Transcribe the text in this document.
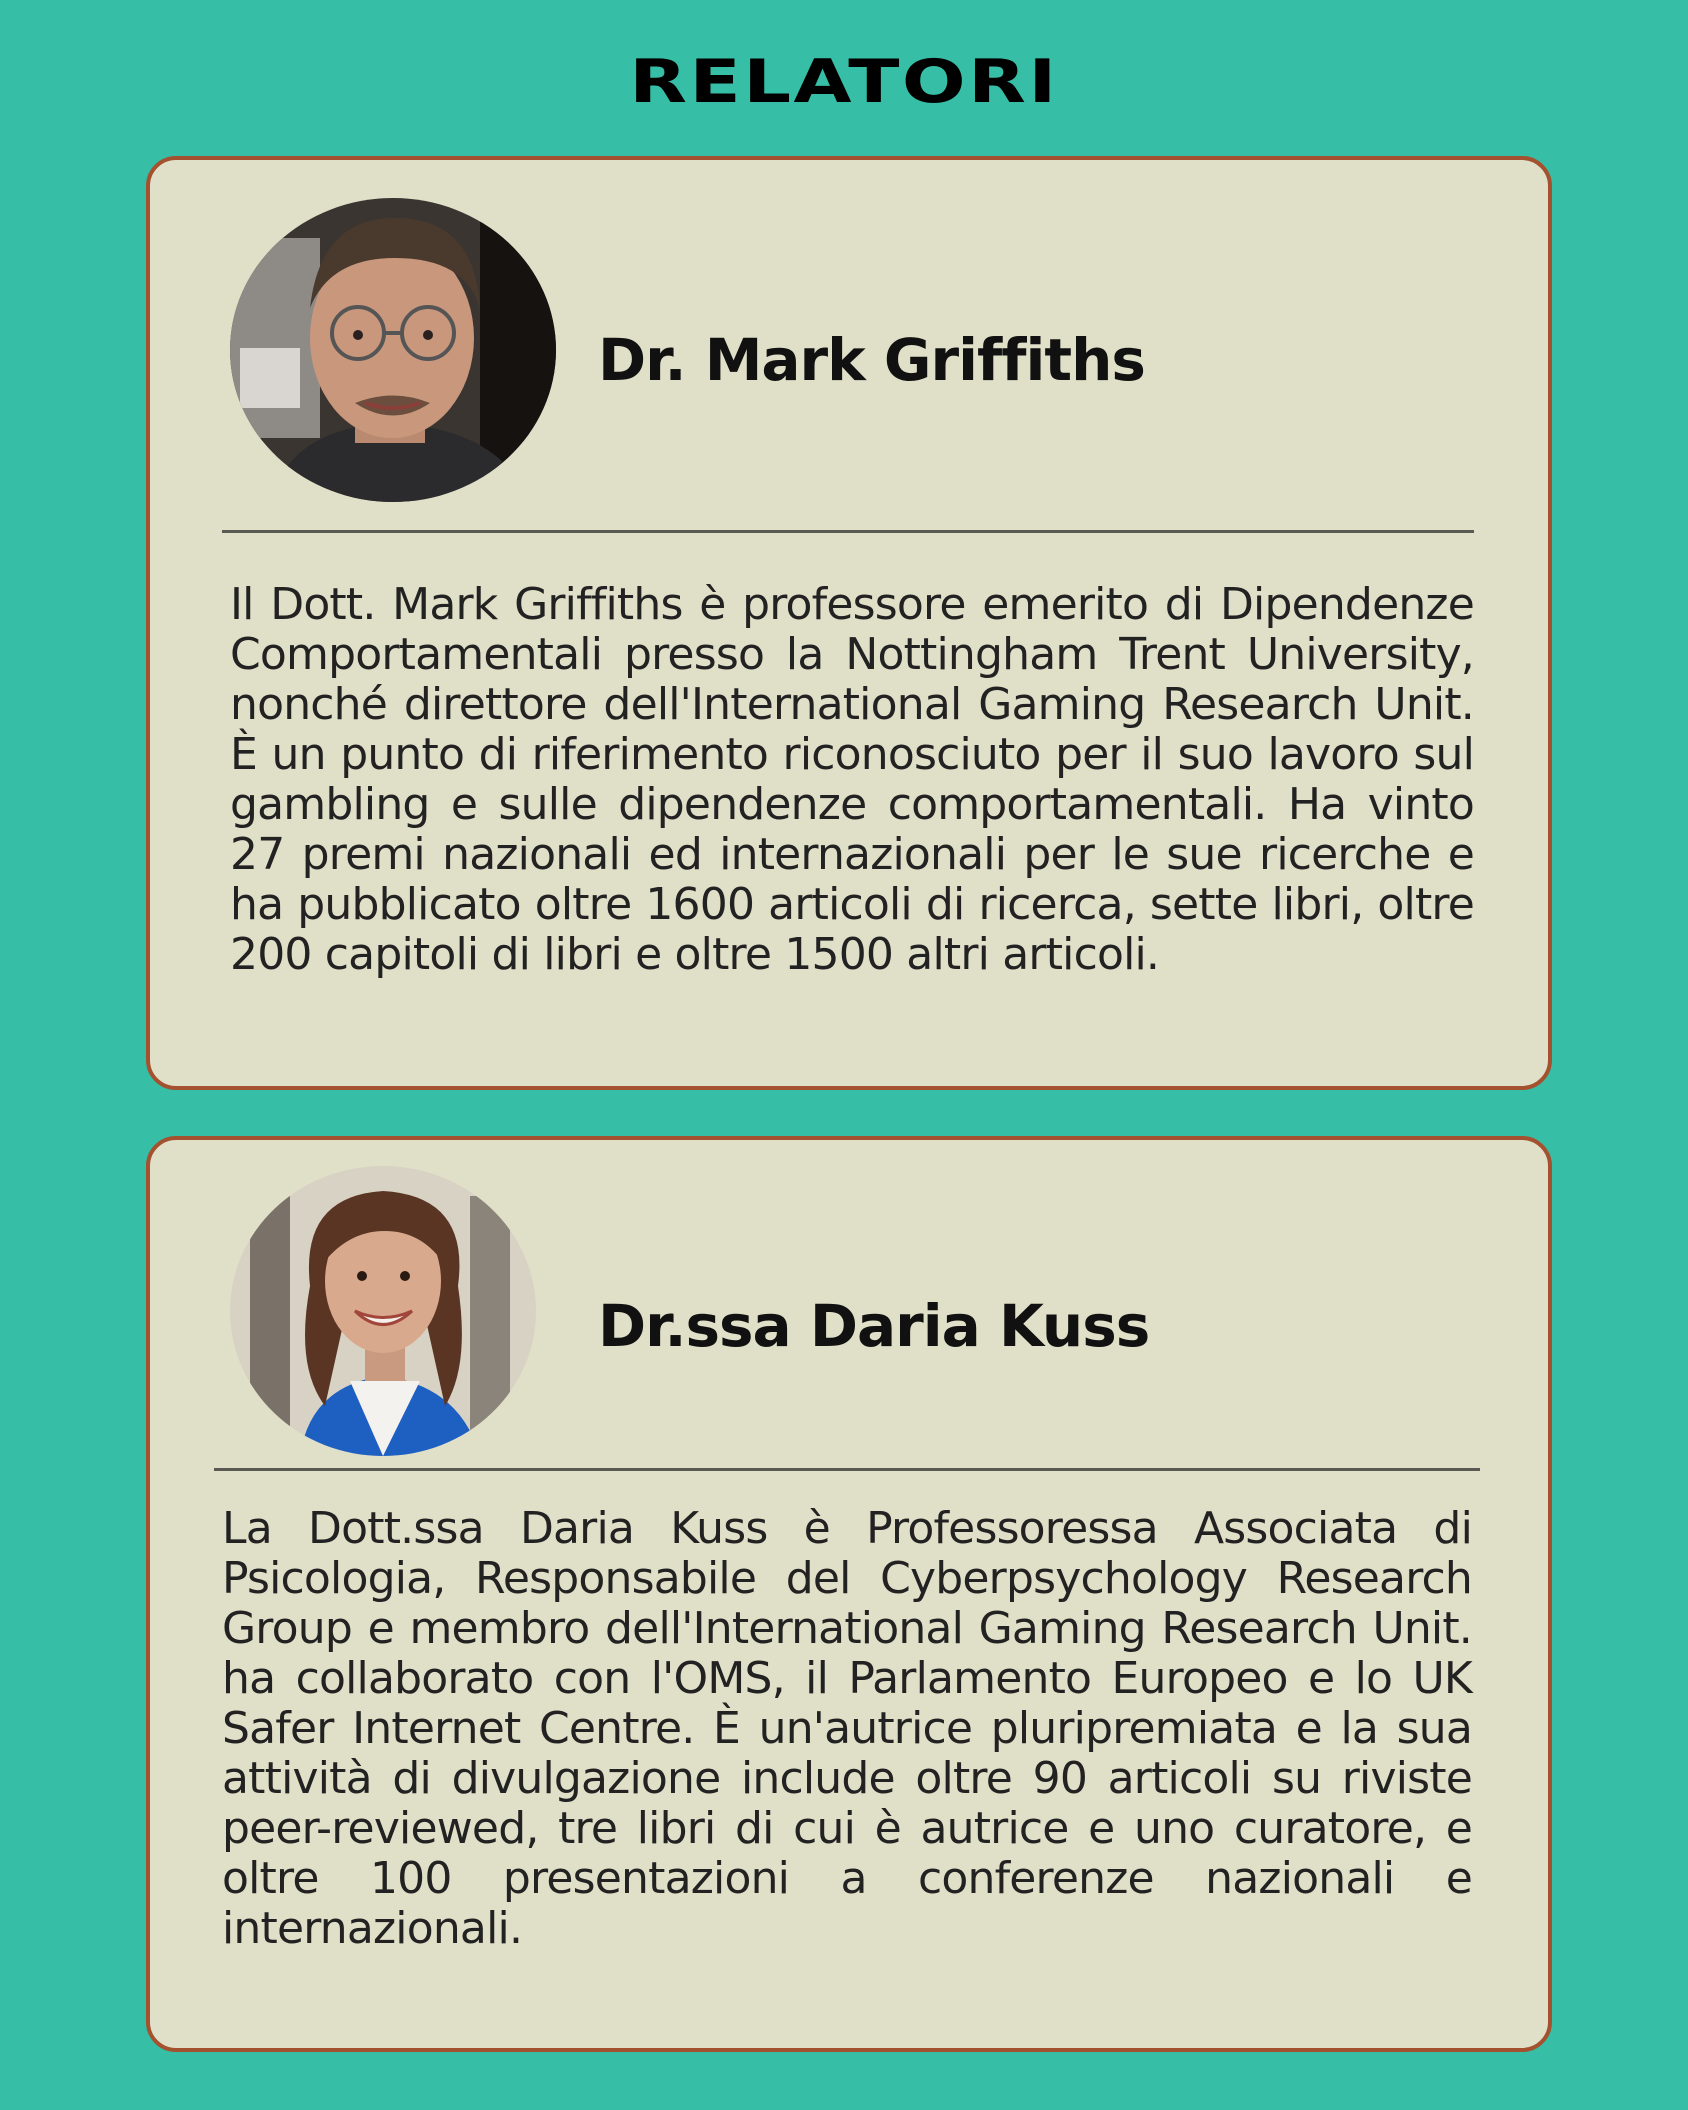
RELATORI
Dr. Mark Griffiths

Il Dott. Mark Griffiths è professore emerito di Dipendenze Comportamentali presso la Nottingham Trent University, nonché direttore dell'International Gaming Research Unit. È un punto di riferimento riconosciuto per il suo lavoro sul gambling e sulle dipendenze comportamentali. Ha vinto 27 premi nazionali ed internazionali per le sue ricerche e ha pubblicato oltre 1600 articoli di ricerca, sette libri, oltre 200 capitoli di libri e oltre 1500 altri articoli.

Dr.ssa Daria Kuss

La Dott.ssa Daria Kuss è Professoressa Associata di Psicologia, Responsabile del Cyberpsychology Research Group e membro dell'International Gaming Research Unit. ha collaborato con l'OMS, il Parlamento Europeo e lo UK Safer Internet Centre. È un'autrice pluripremiata e la sua attività di divulgazione include oltre 90 articoli su riviste peer-reviewed, tre libri di cui è autrice e uno curatore, e oltre 100 presentazioni a conferenze nazionali e internazionali.
